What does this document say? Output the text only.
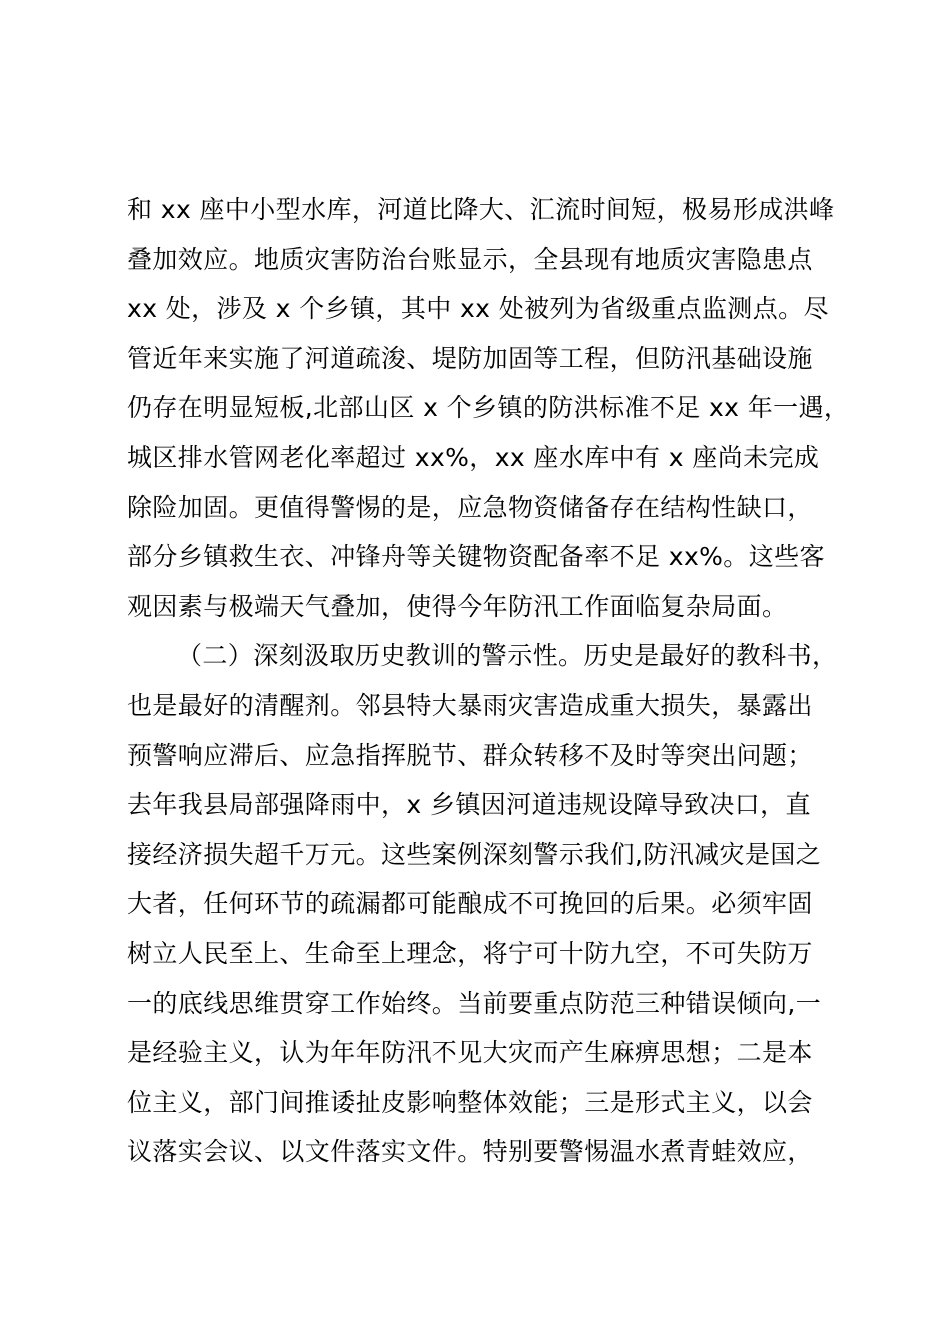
和 xx 座中小型水库，河道比降大、汇流时间短，极易形成洪峰
叠加效应。地质灾害防治台账显示，全县现有地质灾害隐患点
xx 处，涉及 x 个乡镇，其中 xx 处被列为省级重点监测点。尽
管近年来实施了河道疏浚、堤防加固等工程，但防汛基础设施
仍存在明显短板,北部山区 x 个乡镇的防洪标准不足 xx 年一遇，
城区排水管网老化率超过 xx%，xx 座水库中有 x 座尚未完成
除险加固。更值得警惕的是，应急物资储备存在结构性缺口，
部分乡镇救生衣、冲锋舟等关键物资配备率不足 xx%。这些客
观因素与极端天气叠加，使得今年防汛工作面临复杂局面。
（二）深刻汲取历史教训的警示性。历史是最好的教科书，
也是最好的清醒剂。邻县特大暴雨灾害造成重大损失，暴露出
预警响应滞后、应急指挥脱节、群众转移不及时等突出问题；
去年我县局部强降雨中，x 乡镇因河道违规设障导致决口，直
接经济损失超千万元。这些案例深刻警示我们,防汛减灾是国之
大者，任何环节的疏漏都可能酿成不可挽回的后果。必须牢固
树立人民至上、生命至上理念，将宁可十防九空，不可失防万
一的底线思维贯穿工作始终。当前要重点防范三种错误倾向,一
是经验主义，认为年年防汛不见大灾而产生麻痹思想；二是本
位主义，部门间推诿扯皮影响整体效能；三是形式主义，以会
议落实会议、以文件落实文件。特别要警惕温水煮青蛙效应，
